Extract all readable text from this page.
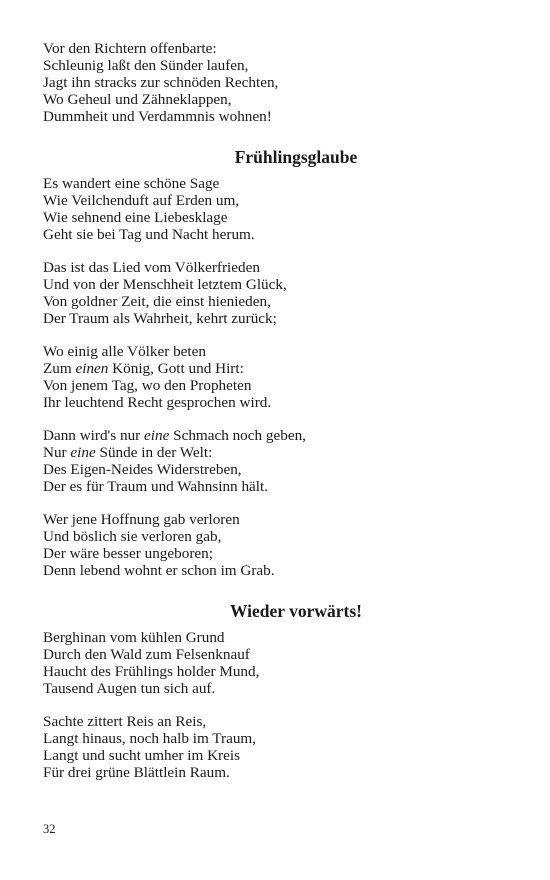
Vor den Richtern offenbarte:
Schleunig laßt den Sünder laufen,
Jagt ihn stracks zur schnöden Rechten,
Wo Geheul und Zähneklappen,
Dummheit und Verdammnis wohnen!
Frühlingsglaube
Es wandert eine schöne Sage
Wie Veilchenduft auf Erden um,
Wie sehnend eine Liebesklage
Geht sie bei Tag und Nacht herum.
Das ist das Lied vom Völkerfrieden
Und von der Menschheit letztem Glück,
Von goldner Zeit, die einst hienieden,
Der Traum als Wahrheit, kehrt zurück;
Wo einig alle Völker beten
Zum einen König, Gott und Hirt:
Von jenem Tag, wo den Propheten
Ihr leuchtend Recht gesprochen wird.
Dann wird's nur eine Schmach noch geben,
Nur eine Sünde in der Welt:
Des Eigen-Neides Widerstreben,
Der es für Traum und Wahnsinn hält.
Wer jene Hoffnung gab verloren
Und böslich sie verloren gab,
Der wäre besser ungeboren;
Denn lebend wohnt er schon im Grab.
Wieder vorwärts!
Berghinan vom kühlen Grund
Durch den Wald zum Felsenknauf
Haucht des Frühlings holder Mund,
Tausend Augen tun sich auf.
Sachte zittert Reis an Reis,
Langt hinaus, noch halb im Traum,
Langt und sucht umher im Kreis
Für drei grüne Blättlein Raum.
32
